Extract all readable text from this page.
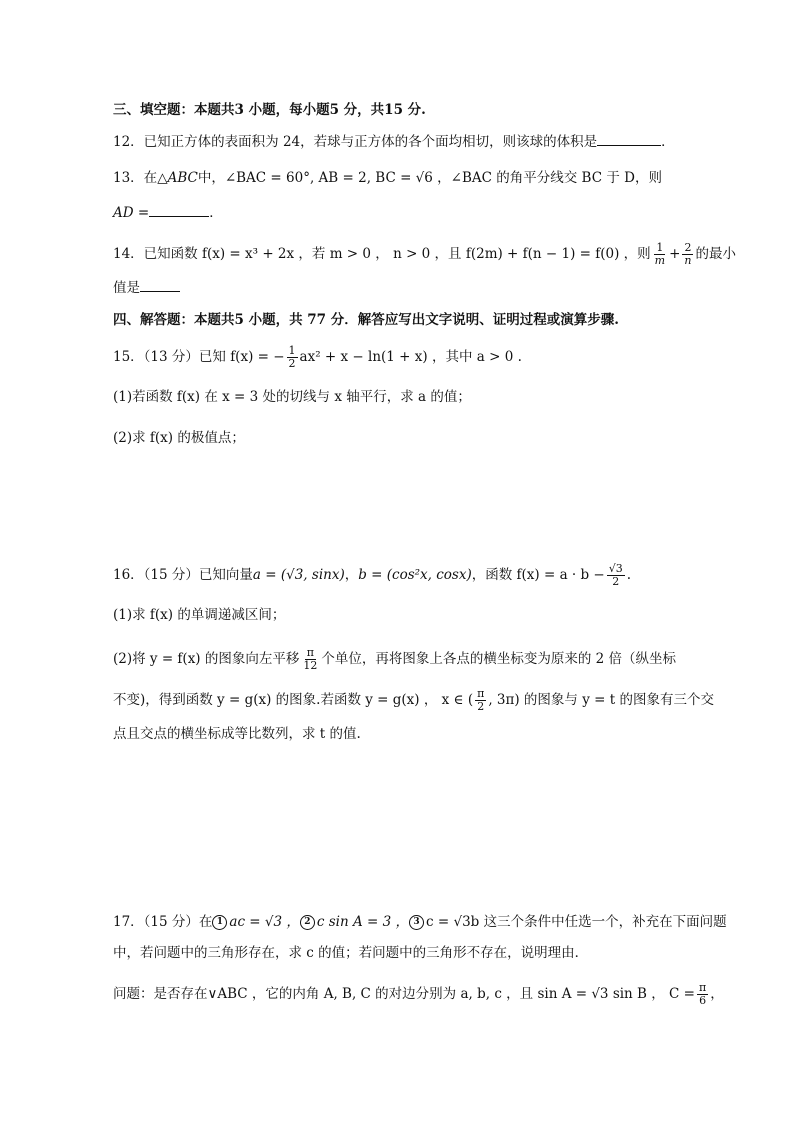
三、填空题：本题共3 小题，每小题5 分，共15 分.
12．已知正方体的表面积为 24，若球与正方体的各个面均相切，则该球的体积是	．
13．在△ABC中，∠BAC = 60°, AB = 2, BC = √6 ，∠BAC 的角平分线交 BC 于 D，则
AD =	．
14．已知函数 f(x) = x³ + 2x ，若 m > 0 ， n > 0 ，且 f(2m) + f(n − 1) = f(0) ，则 $\frac{1}{m} + \frac{2}{n}$ 的最小
值是
四、解答题：本题共5 小题，共 77 分．解答应写出文字说明、证明过程或演算步骤.
15．（13 分）已知 f(x) = − $\frac{1}{2} ax^2 + x - \ln(1 + x)$ ，其中 a > 0 .
(1)若函数 f(x) 在 x = 3 处的切线与 x 轴平行，求 a 的值；
(2)求 f(x) 的极值点；
16．（15 分）已知向量a = (√3, sinx)，b = (cos²x, cosx)，函数 $f(x) = a \cdot b - \frac{√3}{2}$ .
(1)求 f(x) 的单调递减区间；
(2)将 y = f(x) 的图象向左平移 $\frac{\pi}{12}$ 个单位，再将图象上各点的横坐标变为原来的 2 倍（纵坐标
不变)，得到函数 y = g(x) 的图象.若函数 y = g(x) ， x ∈ ( $\frac{\pi}{2}$ , 3π) 的图象与 y = t 的图象有三个交
点且交点的横坐标成等比数列，求 t 的值.
17．（15 分）在 1 ac = √3 ， 2 c sin A = 3 ， 3 c = √3b 这三个条件中任选一个，补充在下面问题
中，若问题中的三角形存在，求 c 的值；若问题中的三角形不存在，说明理由．
问题：是否存在∨ABC ，它的内角 A, B, C 的对边分别为 a, b, c ，且 sin A = √3 sin B ， $C = \frac{\pi}{6}$ ，
